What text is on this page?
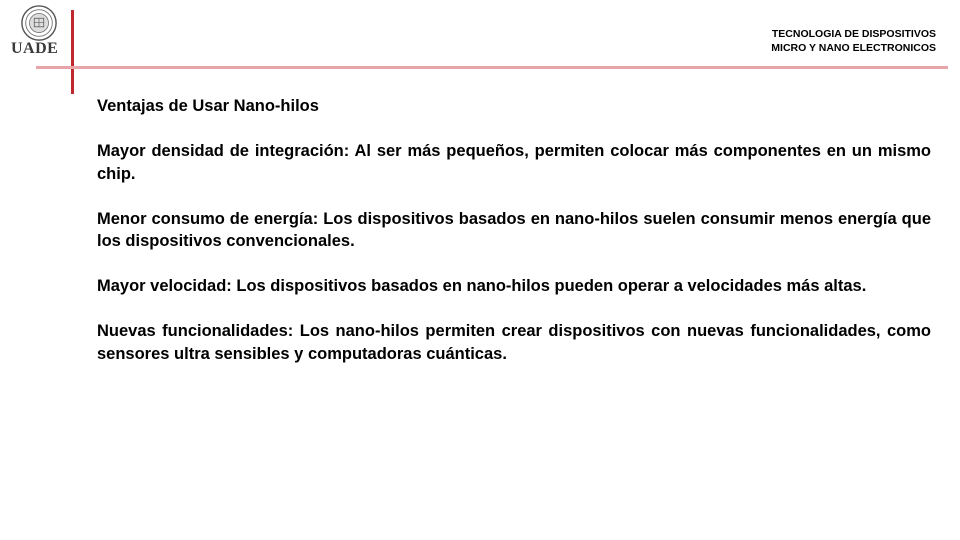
UADE
TECNOLOGIA DE DISPOSITIVOS
MICRO Y NANO ELECTRONICOS
Ventajas de Usar Nano-hilos

Mayor densidad de integración: Al ser más pequeños, permiten colocar más componentes en un mismo chip.

Menor consumo de energía: Los dispositivos basados en nano-hilos suelen consumir menos energía que los dispositivos convencionales.

Mayor velocidad: Los dispositivos basados en nano-hilos pueden operar a velocidades más altas.

Nuevas funcionalidades: Los nano-hilos permiten crear dispositivos con nuevas funcionalidades, como sensores ultra sensibles y computadoras cuánticas.
